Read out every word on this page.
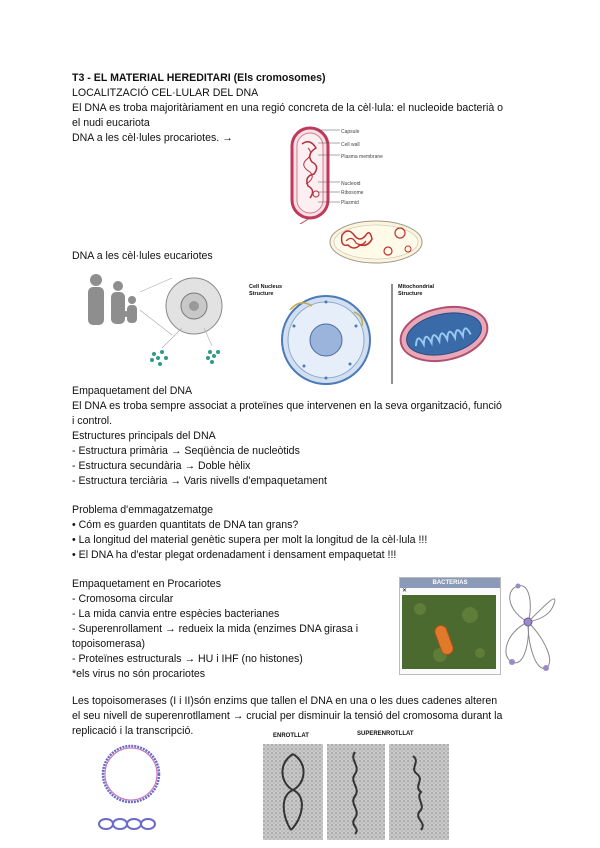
T3 - EL MATERIAL HEREDITARI (Els cromosomes)
LOCALITZACIÓ CEL·LULAR DEL DNA
El DNA es troba majoritàriament en una regió concreta de la cèl·lula: el nucleoide bacterià o
el nudi eucariota
DNA a les cèl·lules procariotes. →	Capsule
Cell wall
Plasma membrane
Nucleoid
Ribosome
Plasmid
DNA a les cèl·lules eucariotes
Cell Nucleus
Structure
Mitochondrial
Structure
Empaquetament del DNA
El DNA es troba sempre associat a proteïnes que intervenen en la seva organització, funció
i control.
Estructures principals del DNA
- Estructura primària → Seqüència de nucleòtids
- Estructura secundària → Doble hèlix
- Estructura terciària → Varis nivells d'empaquetament
Problema d'emmagatzematge
• Cóm es guarden quantitats de DNA tan grans?
• La longitud del material genètic supera per molt la longitud de la cèl·lula !!!
• El DNA ha d'estar plegat ordenadament i densament empaquetat !!!
Empaquetament en Procariotes
- Cromosoma circular
- La mida canvia entre espècies bacterianes
- Superenrollament → redueix la mida (enzimes DNA girasa i
topoisomerasa)
- Proteïnes estructurals → HU i IHF (no histones)
*els virus no són procariotes
BACTERIAS
✕
Les topoisomerases (I i II)són enzims que tallen el DNA en una o les dues cadenes alteren
el seu nivell de superenrotllament → crucial per disminuir la tensió del cromosoma durant la
replicació i la transcripció.	ENROTLLAT	SUPERENROTLLAT
